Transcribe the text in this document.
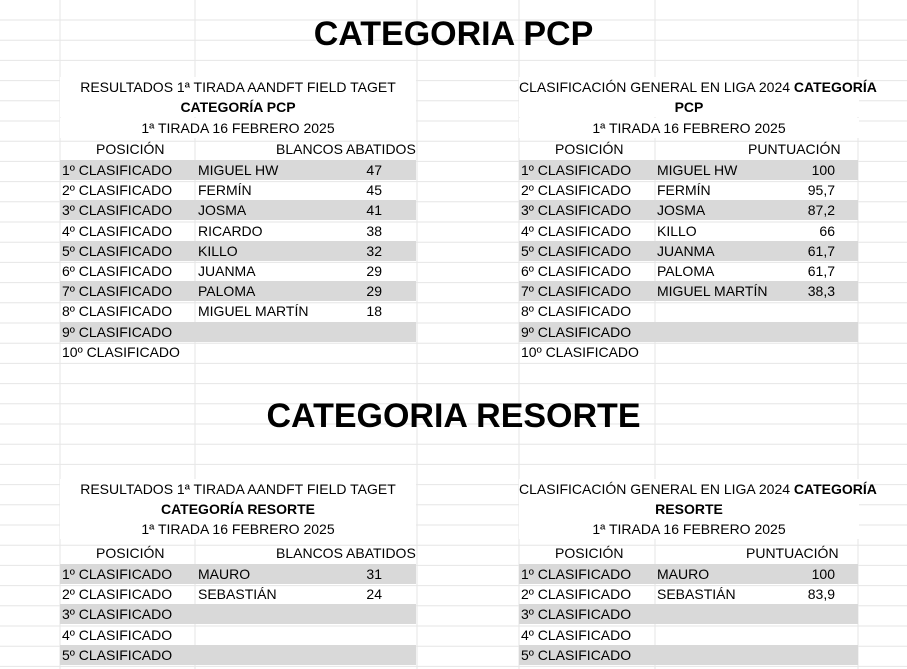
CATEGORIA PCP
RESULTADOS 1ª TIRADA AANDFT FIELD TAGET
CATEGORÍA PCP
1ª TIRADA 16 FEBRERO 2025
POSICIÓN	BLANCOS ABATIDOS
1º CLASIFICADO MIGUEL HW	47
2º CLASIFICADO FERMÍN	45
3º CLASIFICADO JOSMA	41
4º CLASIFICADO RICARDO	38
5º CLASIFICADO KILLO	32
6º CLASIFICADO JUANMA	29
7º CLASIFICADO PALOMA	29
8º CLASIFICADO MIGUEL MARTÍN	18
9º CLASIFICADO
10º CLASIFICADO
CLASIFICACIÓN GENERAL EN LIGA 2024 CATEGORÍA
PCP
1ª TIRADA 16 FEBRERO 2025
POSICIÓN	PUNTUACIÓN
1º CLASIFICADO MIGUEL HW	100
2º CLASIFICADO FERMÍN	95,7
3º CLASIFICADO JOSMA	87,2
4º CLASIFICADO KILLO	66
5º CLASIFICADO JUANMA	61,7
6º CLASIFICADO PALOMA	61,7
7º CLASIFICADO MIGUEL MARTÍN	38,3
8º CLASIFICADO
9º CLASIFICADO
10º CLASIFICADO
CATEGORIA RESORTE
RESULTADOS 1ª TIRADA AANDFT FIELD TAGET
CATEGORÍA RESORTE
1ª TIRADA 16 FEBRERO 2025
POSICIÓN	BLANCOS ABATIDOS
1º CLASIFICADO MAURO	31
2º CLASIFICADO SEBASTIÁN	24
3º CLASIFICADO
4º CLASIFICADO
5º CLASIFICADO
CLASIFICACIÓN GENERAL EN LIGA 2024 CATEGORÍA
RESORTE
1ª TIRADA 16 FEBRERO 2025
POSICIÓN	PUNTUACIÓN
1º CLASIFICADO MAURO	100
2º CLASIFICADO SEBASTIÁN	83,9
3º CLASIFICADO
4º CLASIFICADO
5º CLASIFICADO
